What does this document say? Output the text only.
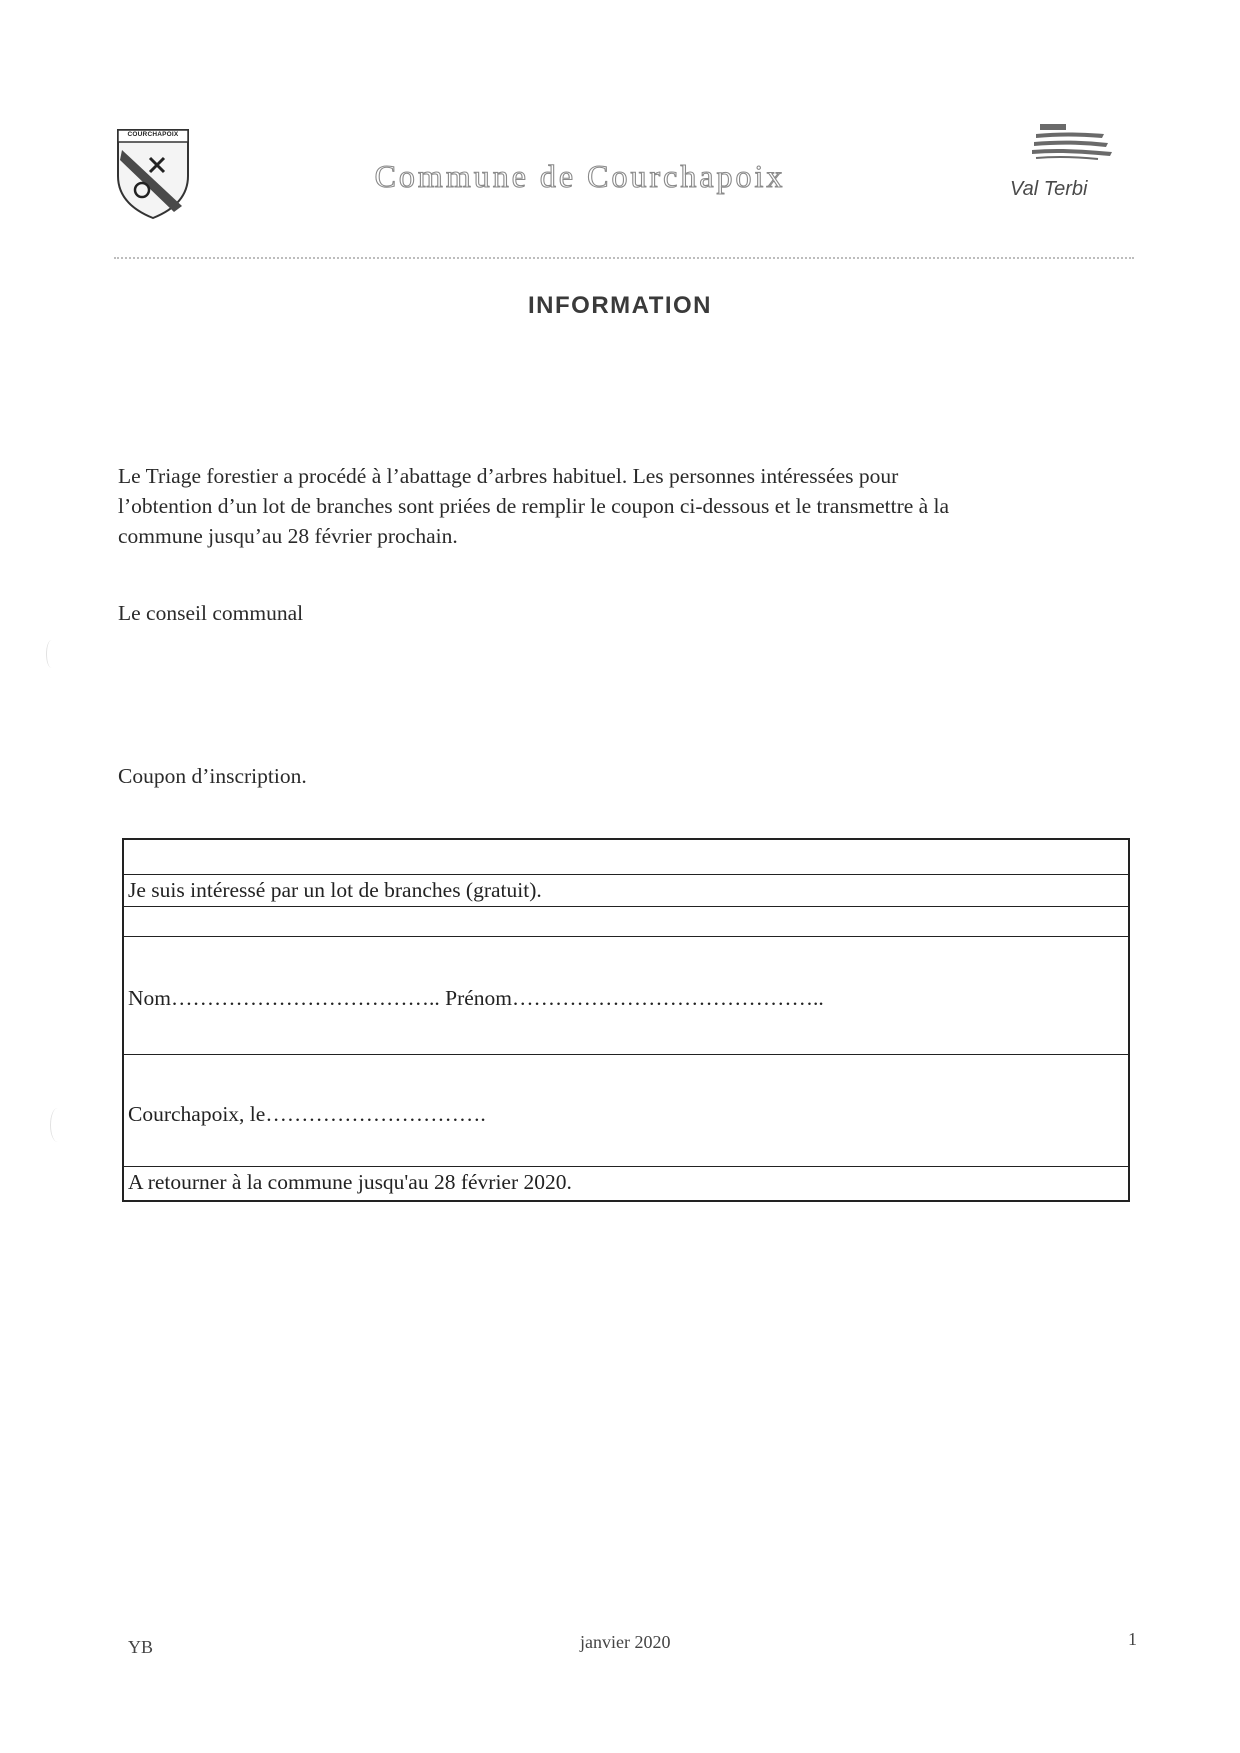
COURCHAPOIX
Commune de Courchapoix	Val Terbi
INFORMATION
Le Triage forestier a procédé à l’abattage d’arbres habituel. Les personnes intéressées pour
l’obtention d’un lot de branches sont priées de remplir le coupon ci-dessous et le transmettre à la
commune jusqu’au 28 février prochain.
Le conseil communal
Coupon d’inscription.
Je suis intéressé par un lot de branches (gratuit).
Nom……………………………….. Prénom……………………………………..
Courchapoix, le………………………….
A retourner à la commune jusqu'au 28 février 2020.
YB	janvier 2020	1
